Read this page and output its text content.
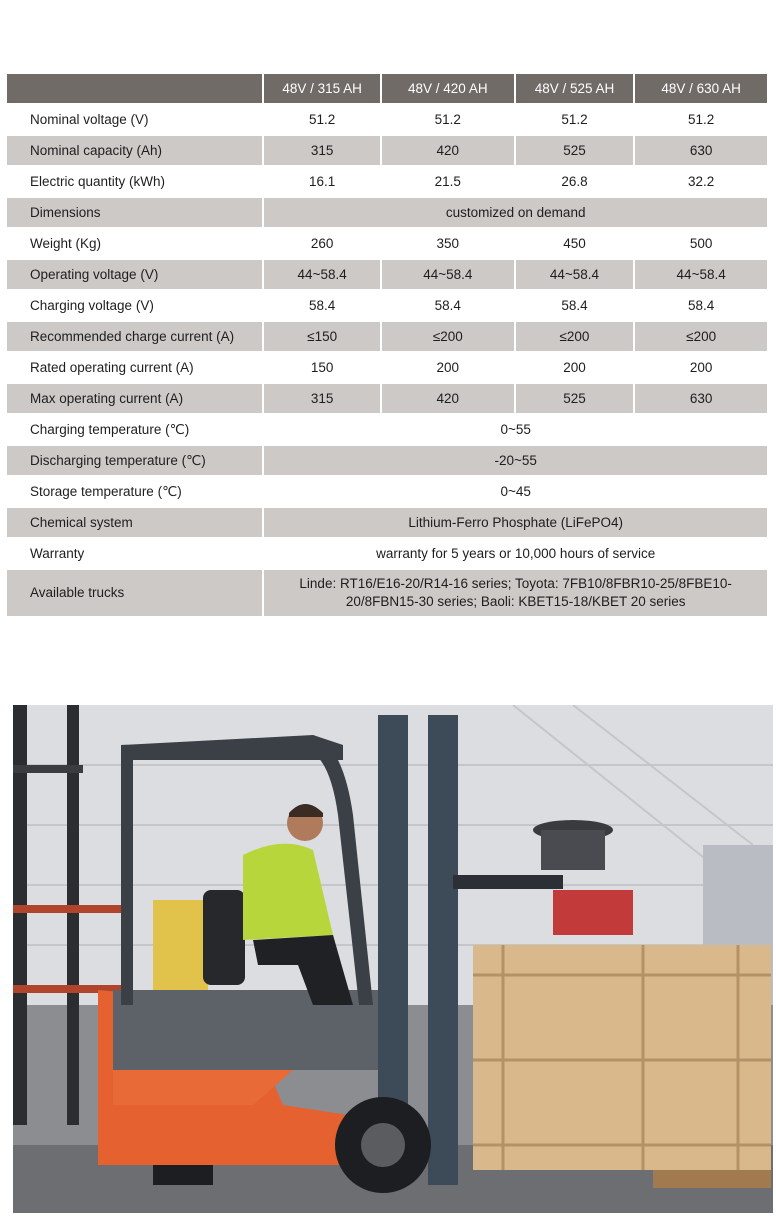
	48V / 315 AH	48V / 420 AH	48V / 525 AH	48V / 630 AH
Nominal voltage (V)	51.2	51.2	51.2	51.2
Nominal capacity (Ah)	315	420	525	630
Electric quantity (kWh)	16.1	21.5	26.8	32.2
Dimensions	customized on demand			
Weight (Kg)	260	350	450	500
Operating voltage (V)	44~58.4	44~58.4	44~58.4	44~58.4
Charging voltage (V)	58.4	58.4	58.4	58.4
Recommended charge current (A)	≤150	≤200	≤200	≤200
Rated operating current (A)	150	200	200	200
Max operating current (A)	315	420	525	630
Charging temperature (℃)	0~55			
Discharging temperature (℃)	-20~55			
Storage temperature (℃)	0~45			
Chemical system	Lithium-Ferro Phosphate (LiFePO4)			
Warranty	warranty for 5 years or 10,000 hours of service			
Available trucks	Linde: RT16/E16-20/R14-16 series; Toyota: 7FB10/8FBR10-25/8FBE10-
20/8FBN15-30 series; Baoli: KBET15-18/KBET 20 series			
